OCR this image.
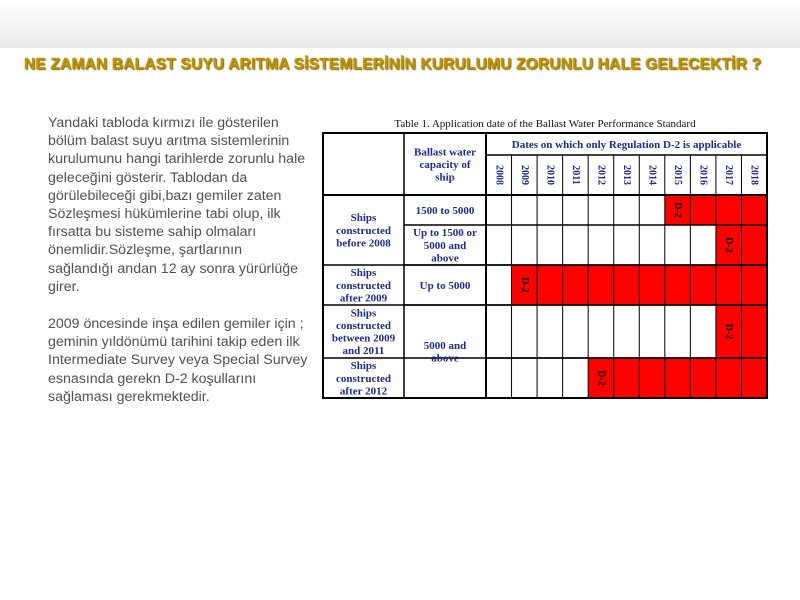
NE ZAMAN BALAST SUYU ARITMA SİSTEMLERİNİN KURULUMU ZORUNLU HALE GELECEKTİR ?

Yandaki tabloda kırmızı ile gösterilen bölüm balast suyu arıtma sistemlerinin kurulumunu hangi tarihlerde zorunlu hale geleceğini gösterir. Tablodan da görülebileceği gibi,bazı gemiler zaten Sözleşmesi hükümlerine tabi olup, ilk fırsatta bu sisteme sahip olmaları önemlidir.Sözleşme, şartlarının sağlandığı andan 12 ay sonra yürürlüğe girer.

2009 öncesinde inşa edilen gemiler için ; geminin yıldönümü tarihini takip eden ilk Intermediate Survey veya Special Survey esnasında gerekn D-2 koşullarını sağlaması gerekmektedir.

Table 1. Application date of the Ballast Water Performance Standard
Ballast water
capacity of
ship
Dates on which only Regulation D-2 is applicable
2008 2009 2010 2011 2012 2013 2014 2015 2016 2017 2018
Ships
constructed
before 2008
Ships
constructed
after 2009
Ships
constructed
between 2009
and 2011
Ships
constructed
after 2012
1500 to 5000
Up to 1500 or
5000 and
above
Up to 5000
5000 and
above
D-2
D-2
D-2
D-2
D-2
